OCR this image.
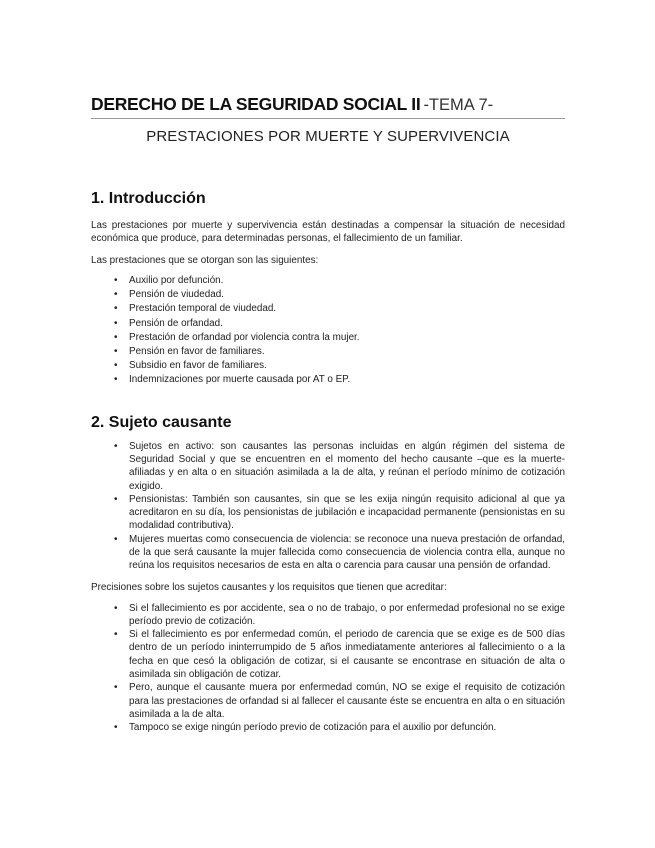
DERECHO DE LA SEGURIDAD SOCIAL II -TEMA 7-
PRESTACIONES POR MUERTE Y SUPERVIVENCIA
1. Introducción

Las prestaciones por muerte y supervivencia están destinadas a compensar la situación de necesidad económica que produce, para determinadas personas, el fallecimiento de un familiar.

Las prestaciones que se otorgan son las siguientes:

• Auxilio por defunción.
• Pensión de viudedad.
• Prestación temporal de viudedad.
• Pensión de orfandad.
• Prestación de orfandad por violencia contra la mujer.
• Pensión en favor de familiares.
• Subsidio en favor de familiares.
• Indemnizaciones por muerte causada por AT o EP.
2. Sujeto causante
• Sujetos en activo: son causantes las personas incluidas en algún régimen del sistema de Seguridad Social y que se encuentren en el momento del hecho causante –que es la muerte- afiliadas y en alta o en situación asimilada a la de alta, y reúnan el período mínimo de cotización exigido.
• Pensionistas: También son causantes, sin que se les exija ningún requisito adicional al que ya acreditaron en su día, los pensionistas de jubilación e incapacidad permanente (pensionistas en su modalidad contributiva).
• Mujeres muertas como consecuencia de violencia: se reconoce una nueva prestación de orfandad, de la que será causante la mujer fallecida como consecuencia de violencia contra ella, aunque no reúna los requisitos necesarios de esta en alta o carencia para causar una pensión de orfandad.

Precisiones sobre los sujetos causantes y los requisitos que tienen que acreditar:

• Si el fallecimiento es por accidente, sea o no de trabajo, o por enfermedad profesional no se exige período previo de cotización.
• Si el fallecimiento es por enfermedad común, el periodo de carencia que se exige es de 500 días dentro de un período ininterrumpido de 5 años inmediatamente anteriores al fallecimiento o a la fecha en que cesó la obligación de cotizar, si el causante se encontrase en situación de alta o asimilada sin obligación de cotizar.
• Pero, aunque el causante muera por enfermedad común, NO se exige el requisito de cotización para las prestaciones de orfandad si al fallecer el causante éste se encuentra en alta o en situación asimilada a la de alta.
• Tampoco se exige ningún período previo de cotización para el auxilio por defunción.
